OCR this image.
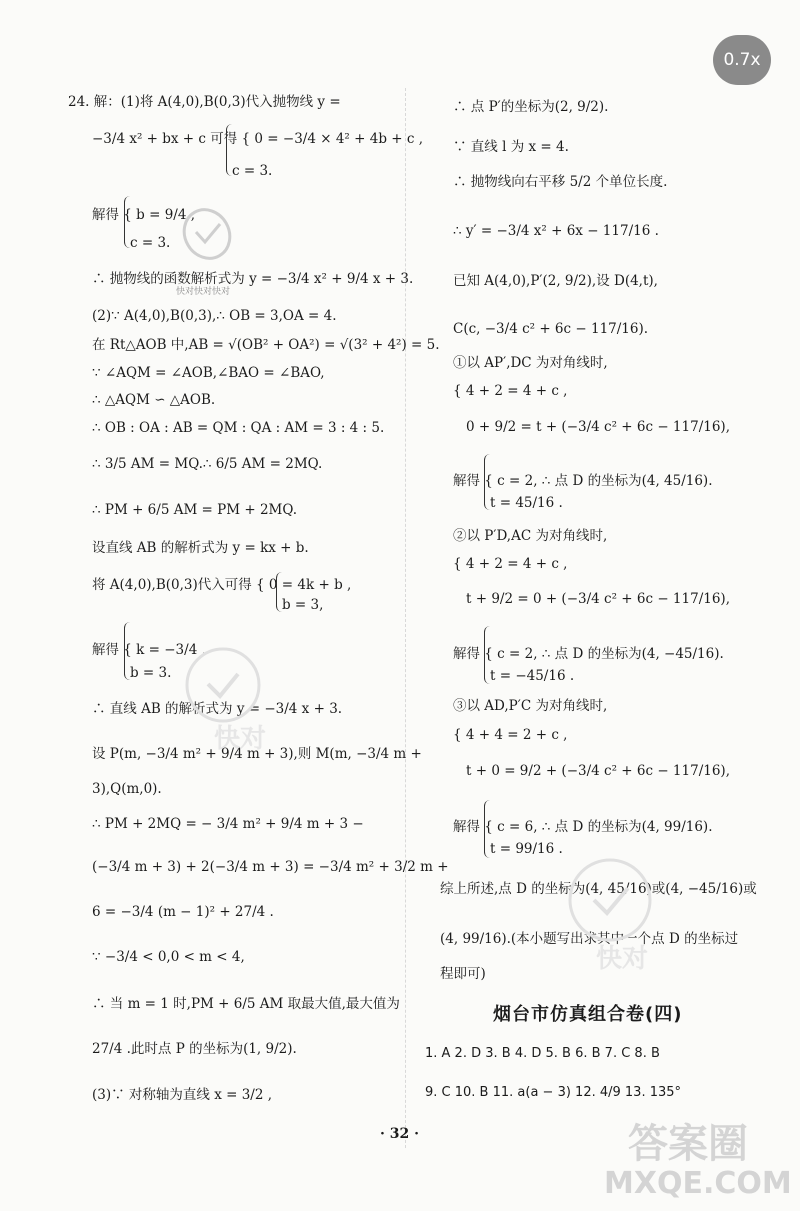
0.7x
24. 解：(1)将 A(4,0),B(0,3)代入抛物线 y =
−3/4 x² + bx + c 可得 { 0 = −3/4 × 4² + 4b + c ,
c = 3.
解得 { b = 9/4 ,
c = 3.
∴ 抛物线的函数解析式为 y = −3/4 x² + 9/4 x + 3.
(2)∵ A(4,0),B(0,3),∴ OB = 3,OA = 4.
在 Rt△AOB 中,AB = √(OB² + OA²) = √(3² + 4²) = 5.
∵ ∠AQM = ∠AOB,∠BAO = ∠BAO,
∴ △AQM ∽ △AOB.
∴ OB : OA : AB = QM : QA : AM = 3 : 4 : 5.
∴ 3/5 AM = MQ.∴ 6/5 AM = 2MQ.
∴ PM + 6/5 AM = PM + 2MQ.
设直线 AB 的解析式为 y = kx + b.
将 A(4,0),B(0,3)代入可得 { 0 = 4k + b ,
b = 3,
解得 { k = −3/4 ,
b = 3.
∴ 直线 AB 的解析式为 y = −3/4 x + 3.
设 P(m, −3/4 m² + 9/4 m + 3),则 M(m, −3/4 m +
3),Q(m,0).
∴ PM + 2MQ = − 3/4 m² + 9/4 m + 3 −
(−3/4 m + 3) + 2(−3/4 m + 3) = −3/4 m² + 3/2 m +
6 = −3/4 (m − 1)² + 27/4 .
∵ −3/4 < 0,0 < m < 4,
∴ 当 m = 1 时,PM + 6/5 AM 取最大值,最大值为
27/4 .此时点 P 的坐标为(1, 9/2).
(3)∵ 对称轴为直线 x = 3/2 ,
∴ 点 P′的坐标为(2, 9/2).
∵ 直线 l 为 x = 4.
∴ 抛物线向右平移 5/2 个单位长度.
∴ y′ = −3/4 x² + 6x − 117/16 .
已知 A(4,0),P′(2, 9/2),设 D(4,t),
C(c, −3/4 c² + 6c − 117/16).
①以 AP′,DC 为对角线时,
{ 4 + 2 = 4 + c ,
0 + 9/2 = t + (−3/4 c² + 6c − 117/16),
解得 { c = 2, ∴ 点 D 的坐标为(4, 45/16).
t = 45/16 .
②以 P′D,AC 为对角线时,
{ 4 + 2 = 4 + c ,
t + 9/2 = 0 + (−3/4 c² + 6c − 117/16),
解得 { c = 2, ∴ 点 D 的坐标为(4, −45/16).
t = −45/16 .
③以 AD,P′C 为对角线时,
{ 4 + 4 = 2 + c ,
t + 0 = 9/2 + (−3/4 c² + 6c − 117/16),
解得 { c = 6, ∴ 点 D 的坐标为(4, 99/16).
t = 99/16 .
综上所述,点 D 的坐标为(4, 45/16)或(4, −45/16)或
(4, 99/16).(本小题写出求其中一个点 D 的坐标过
程即可)
烟台市仿真组合卷(四)
1. A 2. D 3. B 4. D 5. B 6. B 7. C 8. B
9. C 10. B 11. a(a − 3) 12. 4/9 13. 135°
· 32 ·
快对快对快对
快对
快对
答案圈
MXQE.COM
